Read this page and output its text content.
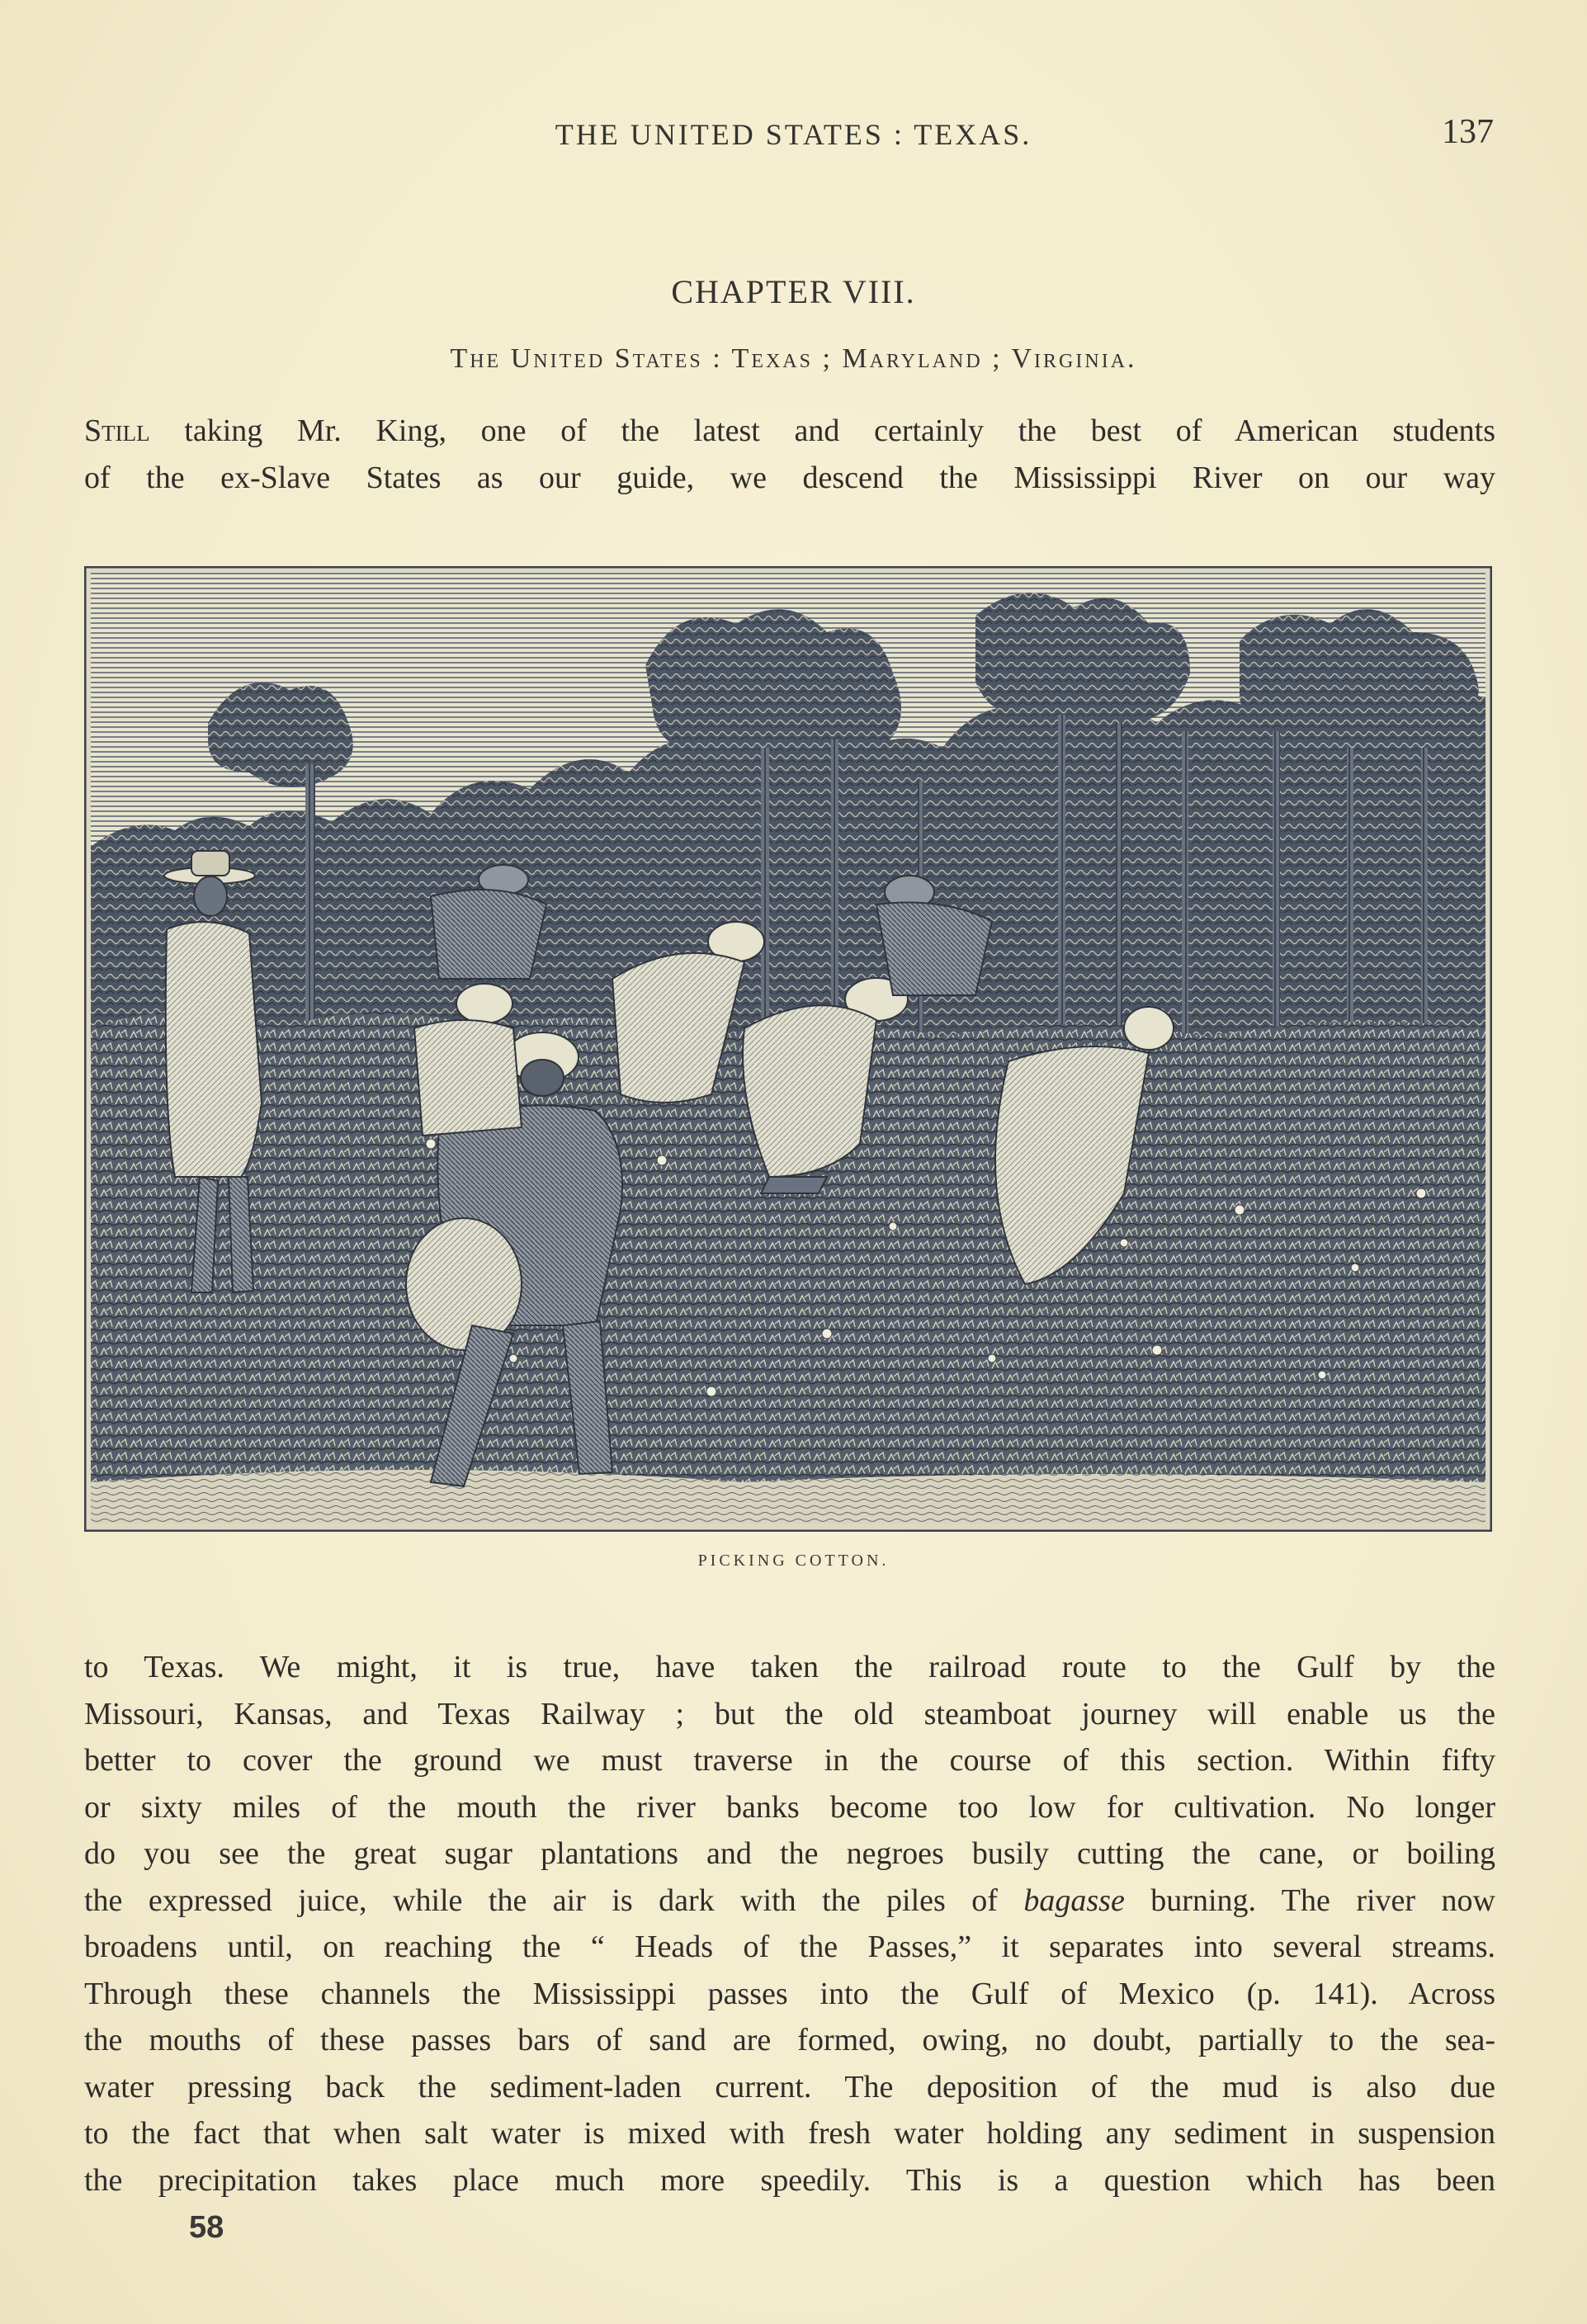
THE UNITED STATES : TEXAS.	137
CHAPTER VIII.
The United States : Texas ; Maryland ; Virginia.
Still taking Mr. King, one of the latest and certainly the best of American students
of the ex-Slave States as our guide, we descend the Mississippi River on our way
PICKING COTTON.
to Texas. We might, it is true, have taken the railroad route to the Gulf by the
Missouri, Kansas, and Texas Railway ; but the old steamboat journey will enable us the
better to cover the ground we must traverse in the course of this section. Within fifty
or sixty miles of the mouth the river banks become too low for cultivation. No longer
do you see the great sugar plantations and the negroes busily cutting the cane, or boiling
the expressed juice, while the air is dark with the piles of bagasse burning. The river now
broadens until, on reaching the “ Heads of the Passes,” it separates into several streams.
Through these channels the Mississippi passes into the Gulf of Mexico (p. 141). Across
the mouths of these passes bars of sand are formed, owing, no doubt, partially to the sea-
water pressing back the sediment-laden current. The deposition of the mud is also due
to the fact that when salt water is mixed with fresh water holding any sediment in suspension
the precipitation takes place much more speedily. This is a question which has been
58
